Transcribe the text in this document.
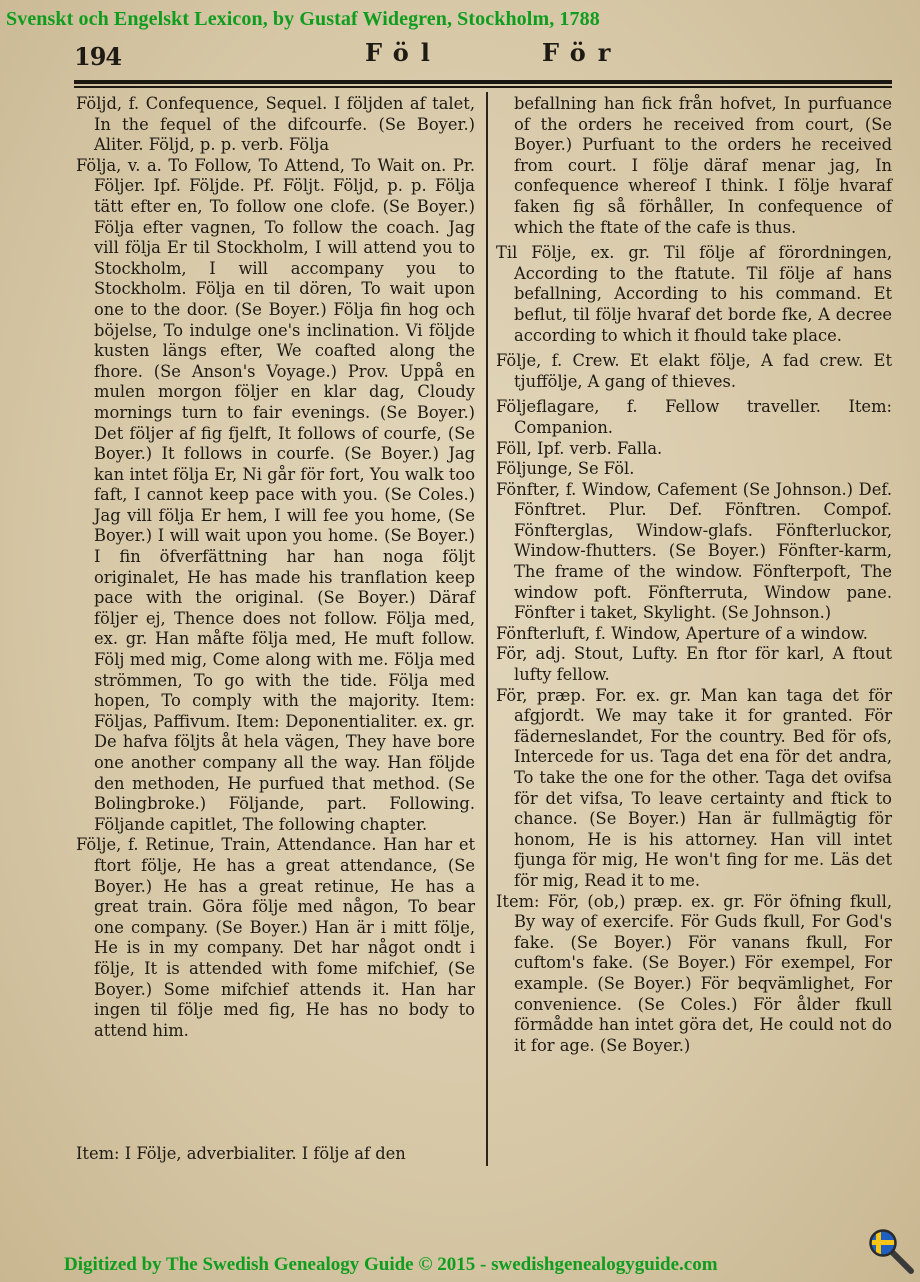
Svenskt och Engelskt Lexicon, by Gustaf Widegren, Stockholm, 1788
194	Föl	För

Följd, f. Confequence, Sequel. I följden af talet, In the fequel of the difcourfe. (Se Boyer.) Aliter. Följd, p. p. verb. Följa

Följa, v. a. To Follow, To Attend, To Wait on. Pr. Följer. Ipf. Följde. Pf. Följt. Följd, p. p. Följa tätt efter en, To follow one clofe. (Se Boyer.) Följa efter vagnen, To follow the coach. Jag vill följa Er til Stockholm, I will attend you to Stockholm, I will accompany you to Stockholm. Följa en til dören, To wait upon one to the door. (Se Boyer.) Följa fin hog och böjelse, To indulge one's inclination. Vi följde kusten längs efter, We coafted along the fhore. (Se Anson's Voyage.) Prov. Uppå en mulen morgon följer en klar dag, Cloudy mornings turn to fair evenings. (Se Boyer.) Det följer af fig fjelft, It follows of courfe, (Se Boyer.) It follows in courfe. (Se Boyer.) Jag kan intet följa Er, Ni går för fort, You walk too faft, I cannot keep pace with you. (Se Coles.) Jag vill följa Er hem, I will fee you home, (Se Boyer.) I will wait upon you home. (Se Boyer.) I fin öfverfättning har han noga följt originalet, He has made his tranflation keep pace with the original. (Se Boyer.) Däraf följer ej, Thence does not follow. Följa med, ex. gr. Han måfte följa med, He muft follow. Följ med mig, Come along with me. Följa med strömmen, To go with the tide. Följa med hopen, To comply with the majority. Item: Följas, Paffivum. Item: Deponentialiter. ex. gr. De hafva följts åt hela vägen, They have bore one another company all the way. Han följde den methoden, He purfued that method. (Se Bolingbroke.) Följande, part. Following. Följande capitlet, The following chapter.

Följe, f. Retinue, Train, Attendance. Han har et ftort följe, He has a great attendance, (Se Boyer.) He has a great retinue, He has a great train. Göra följe med någon, To bear one company. (Se Boyer.) Han är i mitt följe, He is in my company. Det har något ondt i följe, It is attended with fome mifchief, (Se Boyer.) Some mifchief attends it. Han har ingen til följe med fig, He has no body to attend him.

Item: I Följe, adverbialiter. I följe af den

befallning han fick från hofvet, In purfuance of the orders he received from court, (Se Boyer.) Purfuant to the orders he received from court. I följe däraf menar jag, In confequence whereof I think. I följe hvaraf faken fig så förhåller, In confequence of which the ftate of the cafe is thus.

Til Följe, ex. gr. Til följe af förordningen, According to the ftatute. Til följe af hans befallning, According to his command. Et beflut, til följe hvaraf det borde fke, A decree according to which it fhould take place.

Följe, f. Crew. Et elakt följe, A fad crew. Et tjufföljе, A gang of thieves.

Följeflagare, f. Fellow traveller. Item: Companion.

Föll, Ipf. verb. Falla.

Följunge, Se Föl.

Fönfter, f. Window, Cafement (Se Johnson.) Def. Fönftret. Plur. Def. Fönftren. Compof. Fönfterglas, Window-glafs. Fönfterluckor, Window-fhutters. (Se Boyer.) Fönfter-karm, The frame of the window. Fönfterpoft, The window poft. Fönfterruta, Window pane. Fönfter i taket, Skylight. (Se Johnson.)

Fönfterluft, f. Window, Aperture of a window.

För, adj. Stout, Lufty. En ftor för karl, A ftout lufty fellow.

För, præp. For. ex. gr. Man kan taga det för afgjordt. We may take it for granted. För fäderneslandet, For the country. Bed för ofs, Intercede for us. Taga det ena för det andra, To take the one for the other. Taga det ovifsa för det vifsa, To leave certainty and ftick to chance. (Se Boyer.) Han är fullmägtig för honom, He is his attorney. Han vill intet fjunga för mig, He won't fing for me. Läs det för mig, Read it to me.

Item: För, (ob,) præp. ex. gr. För öfning fkull, By way of exercife. För Guds fkull, For God's fake. (Se Boyer.) För vanans fkull, For cuftom's fake. (Se Boyer.) För exempel, For example. (Se Boyer.) För beqvämlighet, For convenience. (Se Coles.) För ålder fkull förmådde han intet göra det, He could not do it for age. (Se Boyer.)

Digitized by The Swedish Genealogy Guide © 2015 - swedishgenealogyguide.com
